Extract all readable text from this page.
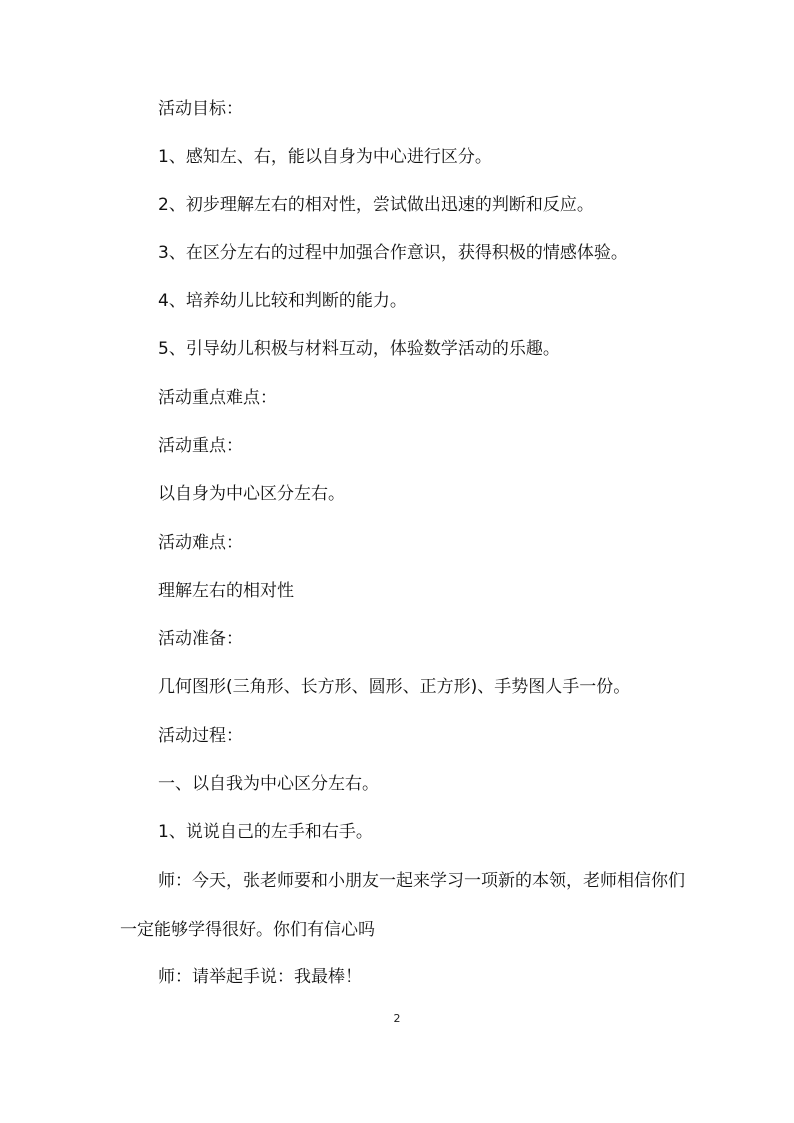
活动目标：
1、感知左、右，能以自身为中心进行区分。
2、初步理解左右的相对性，尝试做出迅速的判断和反应。
3、在区分左右的过程中加强合作意识，获得积极的情感体验。
4、培养幼儿比较和判断的能力。
5、引导幼儿积极与材料互动，体验数学活动的乐趣。
活动重点难点：
活动重点：
以自身为中心区分左右。
活动难点：
理解左右的相对性
活动准备：
几何图形(三角形、长方形、圆形、正方形)、手势图人手一份。
活动过程：
一、以自我为中心区分左右。
1、说说自己的左手和右手。
师：今天，张老师要和小朋友一起来学习一项新的本领，老师相信你们一定能够学得很好。你们有信心吗
师：请举起手说：我最棒！
2
